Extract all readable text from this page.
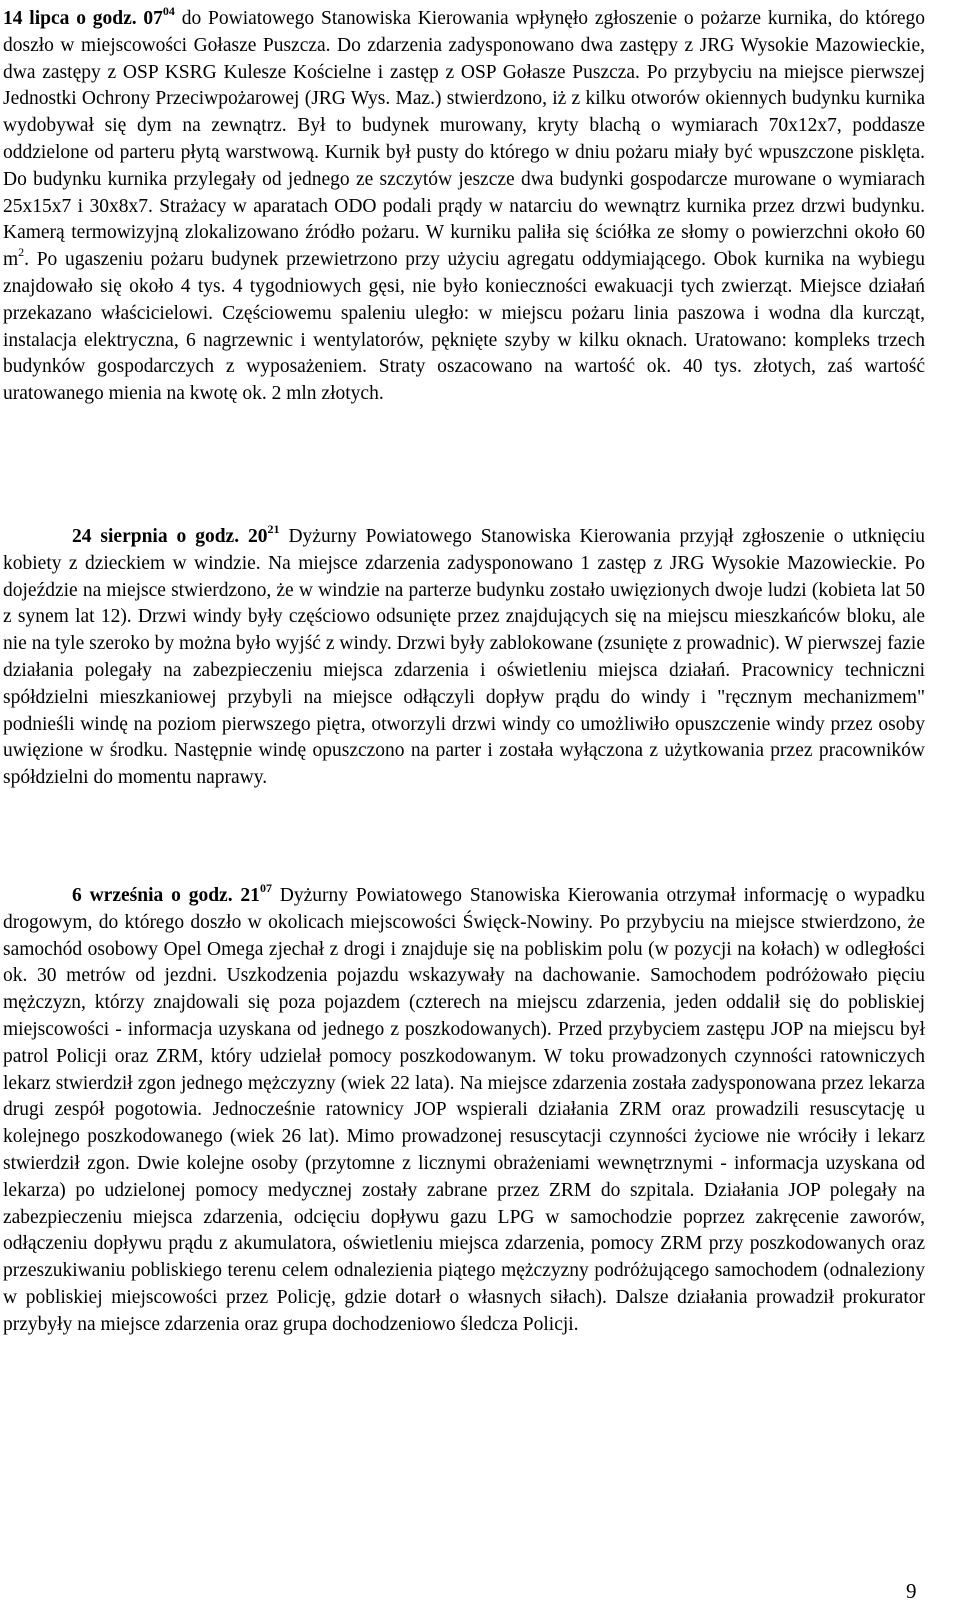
14 lipca o godz. $07^{04}$ do Powiatowego Stanowiska Kierowania wpłynęło zgłoszenie o pożarze kurnika, do którego doszło w miejscowości Gołasze Puszcza. Do zdarzenia zadysponowano dwa zastępy z JRG Wysokie Mazowieckie, dwa zastępy z OSP KSRG Kulesze Kościelne i zastęp z OSP Gołasze Puszcza. Po przybyciu na miejsce pierwszej Jednostki Ochrony Przeciwpożarowej (JRG Wys. Maz.) stwierdzono, iż z kilku otworów okiennych budynku kurnika wydobywał się dym na zewnątrz. Był to budynek murowany, kryty blachą o wymiarach 70x12x7, poddasze oddzielone od parteru płytą warstwową. Kurnik był pusty do którego w dniu pożaru miały być wpuszczone pisklęta. Do budynku kurnika przylegały od jednego ze szczytów jeszcze dwa budynki gospodarcze murowane o wymiarach 25x15x7 i 30x8x7. Strażacy w aparatach ODO podali prądy w natarciu do wewnątrz kurnika przez drzwi budynku. Kamerą termowizyjną zlokalizowano źródło pożaru. W kurniku paliła się ściółka ze słomy o powierzchni około 60 $m^2$. Po ugaszeniu pożaru budynek przewietrzono przy użyciu agregatu oddymiającego. Obok kurnika na wybiegu znajdowało się około 4 tys. 4 tygodniowych gęsi, nie było konieczności ewakuacji tych zwierząt. Miejsce działań przekazano właścicielowi. Częściowemu spaleniu uległo: w miejscu pożaru linia paszowa i wodna dla kurcząt, instalacja elektryczna, 6 nagrzewnic i wentylatorów, pęknięte szyby w kilku oknach. Uratowano: kompleks trzech budynków gospodarczych z wyposażeniem. Straty oszacowano na wartość ok. 40 tys. złotych, zaś wartość uratowanego mienia na kwotę ok. 2 mln złotych.

24 sierpnia o godz. $20^{21}$ Dyżurny Powiatowego Stanowiska Kierowania przyjął zgłoszenie o utknięciu kobiety z dzieckiem w windzie. Na miejsce zdarzenia zadysponowano 1 zastęp z JRG Wysokie Mazowieckie. Po dojeździe na miejsce stwierdzono, że w windzie na parterze budynku zostało uwięzionych dwoje ludzi (kobieta lat 50 z synem lat 12). Drzwi windy były częściowo odsunięte przez znajdujących się na miejscu mieszkańców bloku, ale nie na tyle szeroko by można było wyjść z windy. Drzwi były zablokowane (zsunięte z prowadnic). W pierwszej fazie działania polegały na zabezpieczeniu miejsca zdarzenia i oświetleniu miejsca działań. Pracownicy techniczni spółdzielni mieszkaniowej przybyli na miejsce odłączyli dopływ prądu do windy i "ręcznym mechanizmem" podnieśli windę na poziom pierwszego piętra, otworzyli drzwi windy co umożliwiło opuszczenie windy przez osoby uwięzione w środku. Następnie windę opuszczono na parter i została wyłączona z użytkowania przez pracowników spółdzielni do momentu naprawy.

6 września o godz. $21^{07}$ Dyżurny Powiatowego Stanowiska Kierowania otrzymał informację o wypadku drogowym, do którego doszło w okolicach miejscowości Święck-Nowiny. Po przybyciu na miejsce stwierdzono, że samochód osobowy Opel Omega zjechał z drogi i znajduje się na pobliskim polu (w pozycji na kołach) w odległości ok. 30 metrów od jezdni. Uszkodzenia pojazdu wskazywały na dachowanie. Samochodem podróżowało pięciu mężczyzn, którzy znajdowali się poza pojazdem (czterech na miejscu zdarzenia, jeden oddalił się do pobliskiej miejscowości - informacja uzyskana od jednego z poszkodowanych). Przed przybyciem zastępu JOP na miejscu był patrol Policji oraz ZRM, który udzielał pomocy poszkodowanym. W toku prowadzonych czynności ratowniczych lekarz stwierdził zgon jednego mężczyzny (wiek 22 lata). Na miejsce zdarzenia została zadysponowana przez lekarza drugi zespół pogotowia. Jednocześnie ratownicy JOP wspierali działania ZRM oraz prowadzili resuscytację u kolejnego poszkodowanego (wiek 26 lat). Mimo prowadzonej resuscytacji czynności życiowe nie wróciły i lekarz stwierdził zgon. Dwie kolejne osoby (przytomne z licznymi obrażeniami wewnętrznymi - informacja uzyskana od lekarza) po udzielonej pomocy medycznej zostały zabrane przez ZRM do szpitala. Działania JOP polegały na zabezpieczeniu miejsca zdarzenia, odcięciu dopływu gazu LPG w samochodzie poprzez zakręcenie zaworów, odłączeniu dopływu prądu z akumulatora, oświetleniu miejsca zdarzenia, pomocy ZRM przy poszkodowanych oraz przeszukiwaniu pobliskiego terenu celem odnalezienia piątego mężczyzny podróżującego samochodem (odnaleziony w pobliskiej miejscowości przez Policję, gdzie dotarł o własnych siłach). Dalsze działania prowadził prokurator przybyły na miejsce zdarzenia oraz grupa dochodzeniowo śledcza Policji.

9
